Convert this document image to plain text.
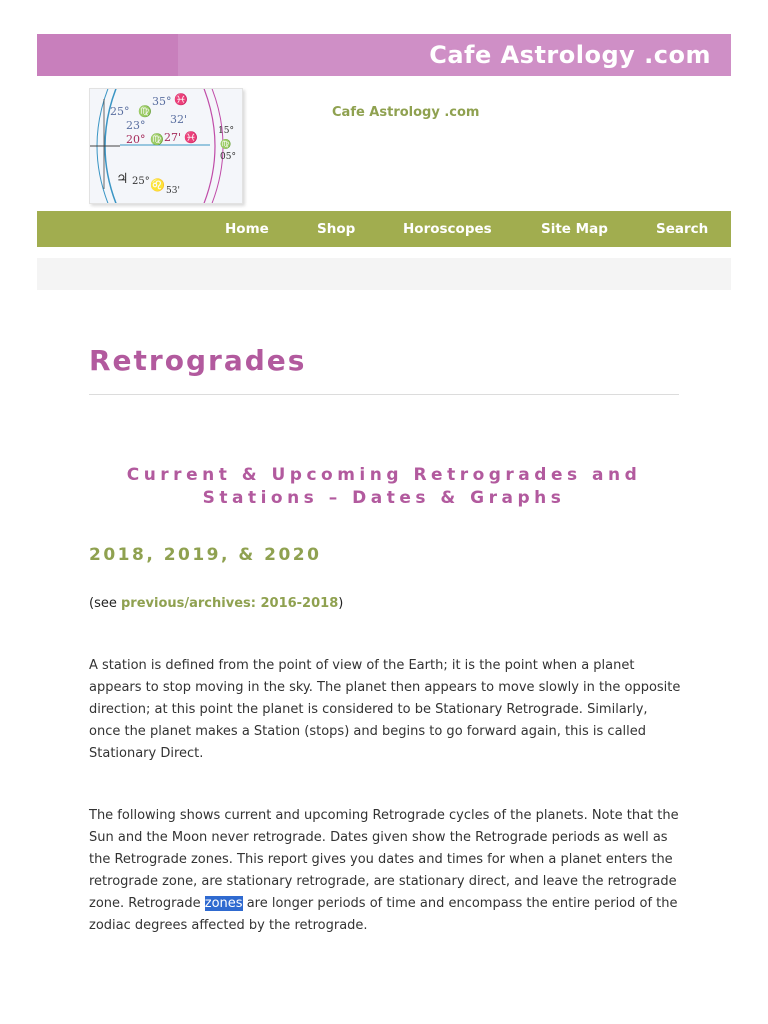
Cafe Astrology .com
25° ♍
35° ♓
23° 32'
20° ♍ 27' ♓ 15°
♍
05°
♃ 25° ♌ 53'
Cafe Astrology .com
Home	Shop	Horoscopes	Site Map	Search
Retrogrades
Current & Upcoming Retrogrades and
Stations – Dates & Graphs
2018, 2019, & 2020
(see previous/archives: 2016-2018)
A station is defined from the point of view of the Earth; it is the point when a planet appears to stop moving in the sky. The planet then appears to move slowly in the opposite direction; at this point the planet is considered to be Stationary Retrograde. Similarly, once the planet makes a Station (stops) and begins to go forward again, this is called Stationary Direct.
The following shows current and upcoming Retrograde cycles of the planets. Note that the Sun and the Moon never retrograde. Dates given show the Retrograde periods as well as the Retrograde zones. This report gives you dates and times for when a planet enters the retrograde zone, are stationary retrograde, are stationary direct, and leave the retrograde zone. Retrograde zones are longer periods of time and encompass the entire period of the zodiac degrees affected by the retrograde.
